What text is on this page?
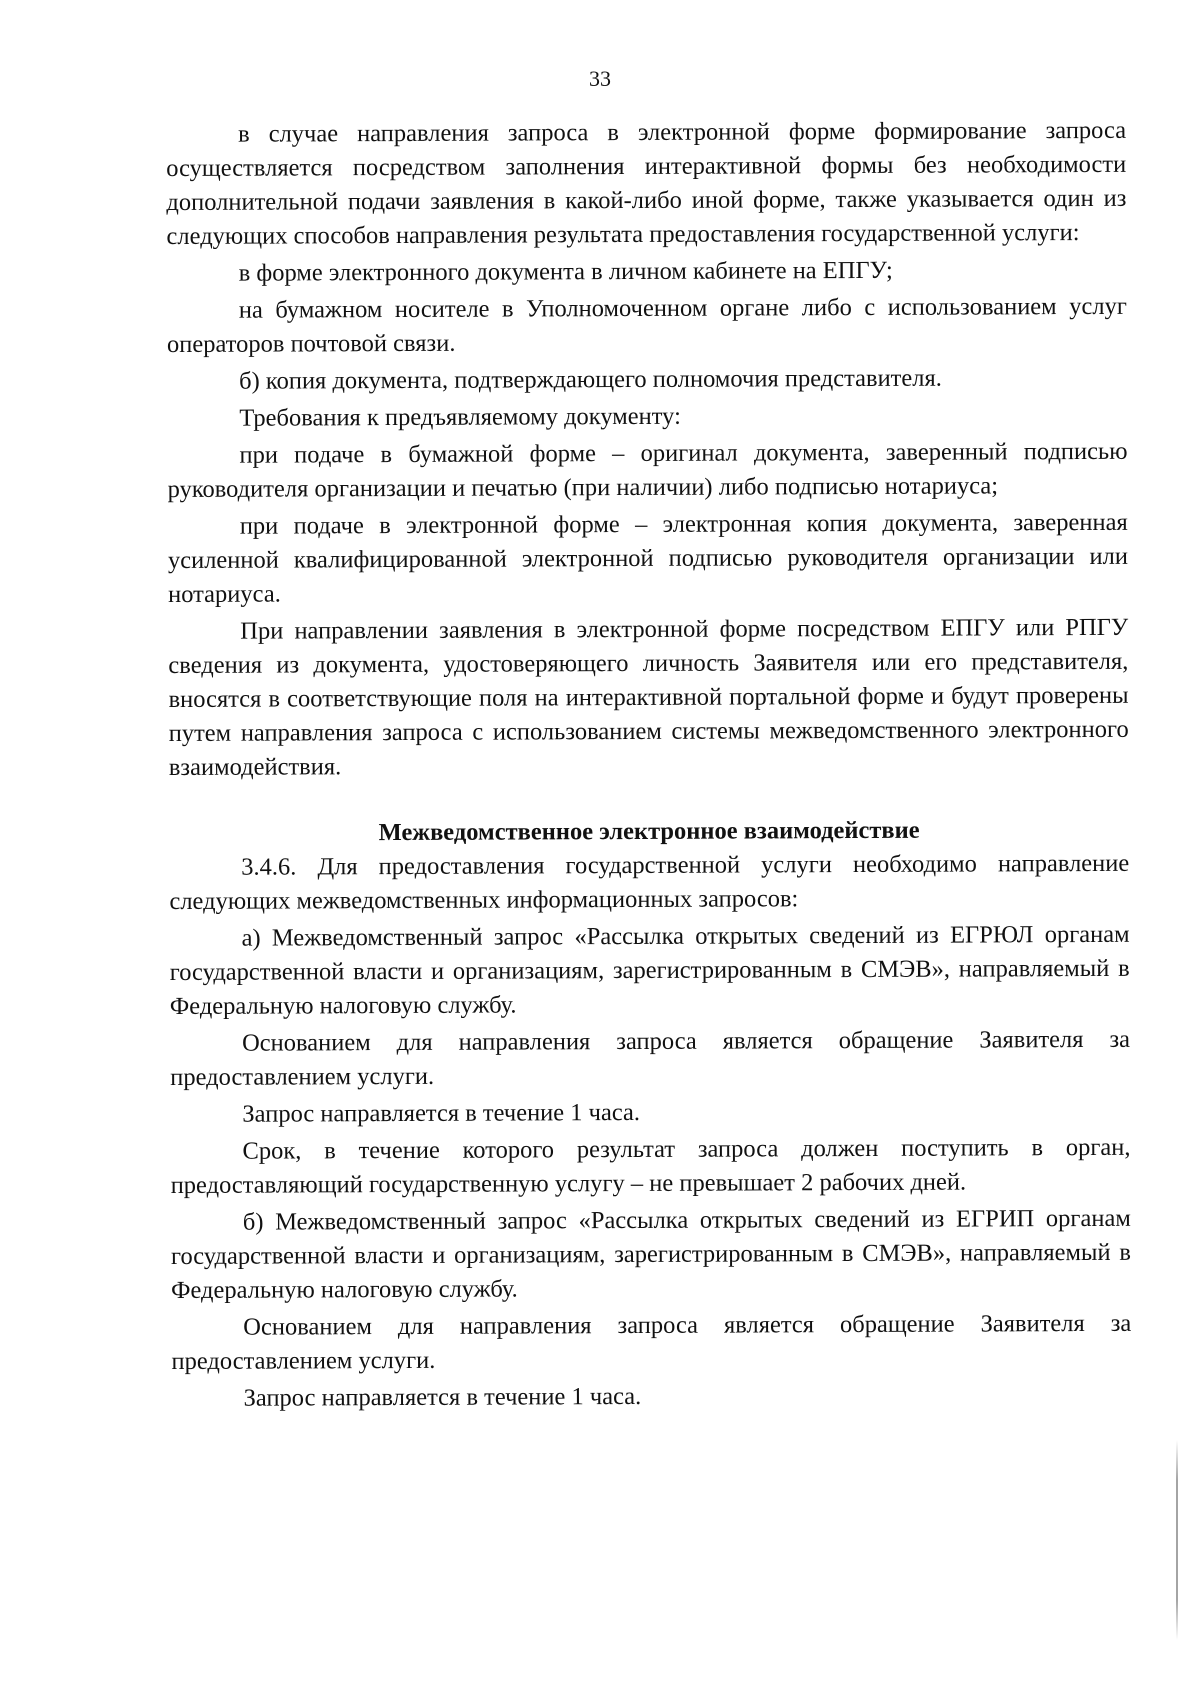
33

в случае направления запроса в электронной форме формирование запроса осуществляется посредством заполнения интерактивной формы без необходимости дополнительной подачи заявления в какой-либо иной форме, также указывается один из следующих способов направления результата предоставления государственной услуги:

в форме электронного документа в личном кабинете на ЕПГУ;

на бумажном носителе в Уполномоченном органе либо с использованием услуг операторов почтовой связи.

б) копия документа, подтверждающего полномочия представителя.

Требования к предъявляемому документу:

при подаче в бумажной форме – оригинал документа, заверенный подписью руководителя организации и печатью (при наличии) либо подписью нотариуса;

при подаче в электронной форме – электронная копия документа, заверенная усиленной квалифицированной электронной подписью руководителя организации или нотариуса.

При направлении заявления в электронной форме посредством ЕПГУ или РПГУ сведения из документа, удостоверяющего личность Заявителя или его представителя, вносятся в соответствующие поля на интерактивной портальной форме и будут проверены путем направления запроса с использованием системы межведомственного электронного взаимодействия.

Межведомственное электронное взаимодействие

3.4.6. Для предоставления государственной услуги необходимо направление следующих межведомственных информационных запросов:

а) Межведомственный запрос «Рассылка открытых сведений из ЕГРЮЛ органам государственной власти и организациям, зарегистрированным в СМЭВ», направляемый в Федеральную налоговую службу.

Основанием для направления запроса является обращение Заявителя за предоставлением услуги.

Запрос направляется в течение 1 часа.

Срок, в течение которого результат запроса должен поступить в орган, предоставляющий государственную услугу – не превышает 2 рабочих дней.

б) Межведомственный запрос «Рассылка открытых сведений из ЕГРИП органам государственной власти и организациям, зарегистрированным в СМЭВ», направляемый в Федеральную налоговую службу.

Основанием для направления запроса является обращение Заявителя за предоставлением услуги.

Запрос направляется в течение 1 часа.
